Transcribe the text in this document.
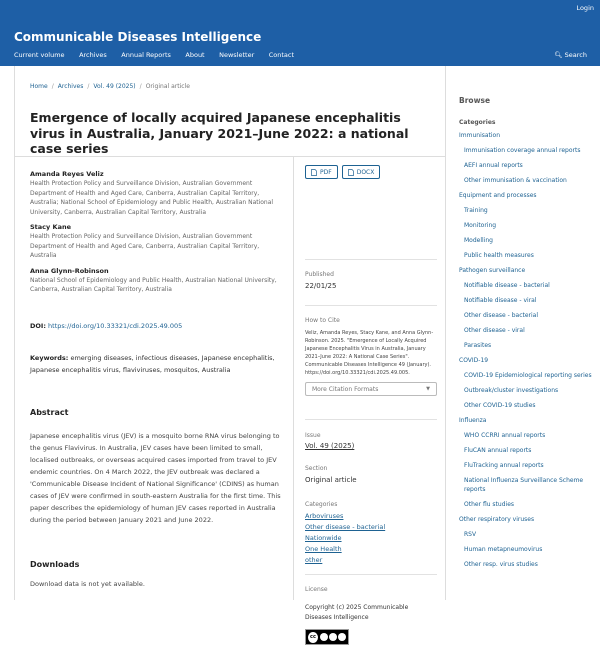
Login
Communicable Diseases Intelligence
Current volume Archives Annual Reports About Newsletter Contact	🔍︎ Search
Home / Archives / Vol. 49 (2025) / Original article
Emergence of locally acquired Japanese encephalitis virus in Australia, January 2021–June 2022: a national case series
Amanda Reyes Veliz
Health Protection Policy and Surveillance Division, Australian Government Department of Health and Aged Care, Canberra, Australian Capital Territory, Australia; National School of Epidemiology and Public Health, Australian National University, Canberra, Australian Capital Territory, Australia
Stacy Kane
Health Protection Policy and Surveillance Division, Australian Government Department of Health and Aged Care, Canberra, Australian Capital Territory, Australia
Anna Glynn-Robinson
National School of Epidemiology and Public Health, Australian National University, Canberra, Australian Capital Territory, Australia
DOI: https://doi.org/10.33321/cdi.2025.49.005
Keywords: emerging diseases, infectious diseases, Japanese encephalitis, Japanese encephalitis virus, flaviviruses, mosquitos, Australia
Abstract

Japanese encephalitis virus (JEV) is a mosquito borne RNA virus belonging to the genus Flavivirus. In Australia, JEV cases have been limited to small, localised outbreaks, or overseas acquired cases imported from travel to JEV endemic countries. On 4 March 2022, the JEV outbreak was declared a 'Communicable Disease Incident of National Significance' (CDINS) as human cases of JEV were confirmed in south-eastern Australia for the first time. This paper describes the epidemiology of human JEV cases reported in Australia during the period between January 2021 and June 2022.

Downloads

Download data is not yet available.

PDF	DOCX
Published
22/01/25
How to Cite
Veliz, Amanda Reyes, Stacy Kane, and Anna Glynn-Robinson. 2025. "Emergence of Locally Acquired Japanese Encephalitis Virus in Australia, January 2021–June 2022: A National Case Series". Communicable Diseases Intelligence 49 (January). https://doi.org/10.33321/cdi.2025.49.005.
More Citation Formats	▼
Issue
Vol. 49 (2025)
Section
Original article
Categories
Arboviruses
Other disease - bacterial
Nationwide
One Health
other
License
Copyright (c) 2025 Communicable Diseases Intelligence
cc
Browse
Categories
Immunisation
Immunisation coverage annual reports
AEFI annual reports
Other immunisation & vaccination
Equipment and processes
Training
Monitoring
Modelling
Public health measures
Pathogen surveillance
Notifiable disease - bacterial
Notifiable disease - viral
Other disease - bacterial
Other disease - viral
Parasites
COVID-19
COVID-19 Epidemiological reporting series
Outbreak/cluster investigations
Other COVID-19 studies
Influenza
WHO CCRRI annual reports
FluCAN annual reports
FluTracking annual reports
National Influenza Surveillance Scheme reports
Other flu studies
Other respiratory viruses
RSV
Human metapneumovirus
Other resp. virus studies
